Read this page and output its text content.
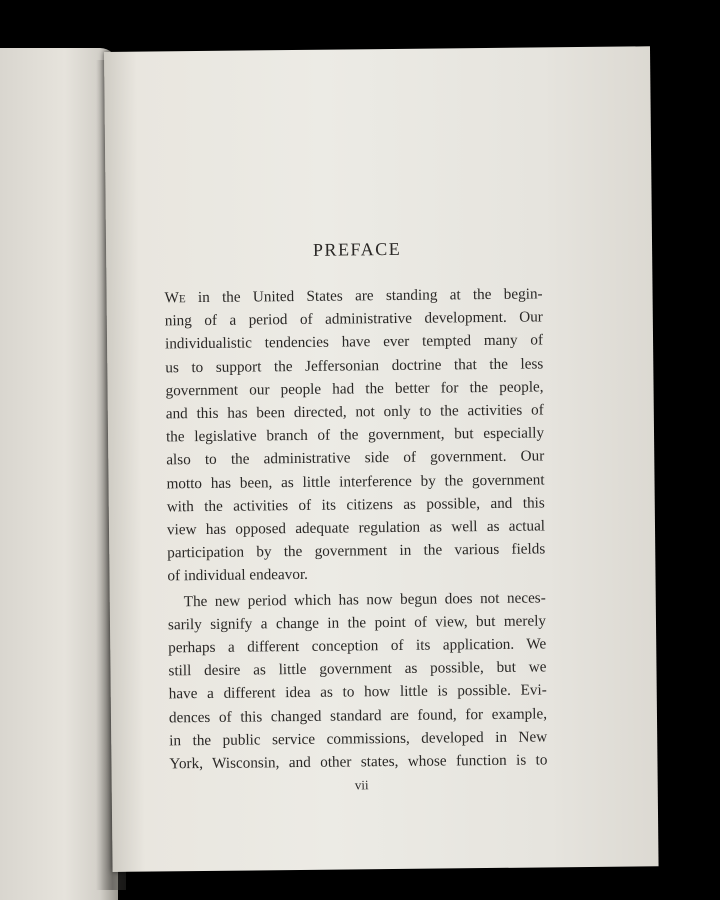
PREFACE

We in the United States are standing at the begin-
ning of a period of administrative development. Our
individualistic tendencies have ever tempted many of
us to support the Jeffersonian doctrine that the less
government our people had the better for the people,
and this has been directed, not only to the activities of
the legislative branch of the government, but especially
also to the administrative side of government. Our
motto has been, as little interference by the government
with the activities of its citizens as possible, and this
view has opposed adequate regulation as well as actual
participation by the government in the various fields
of individual endeavor.

The new period which has now begun does not neces-
sarily signify a change in the point of view, but merely
perhaps a different conception of its application. We
still desire as little government as possible, but we
have a different idea as to how little is possible. Evi-
dences of this changed standard are found, for example,
in the public service commissions, developed in New
York, Wisconsin, and other states, whose function is to

vii
